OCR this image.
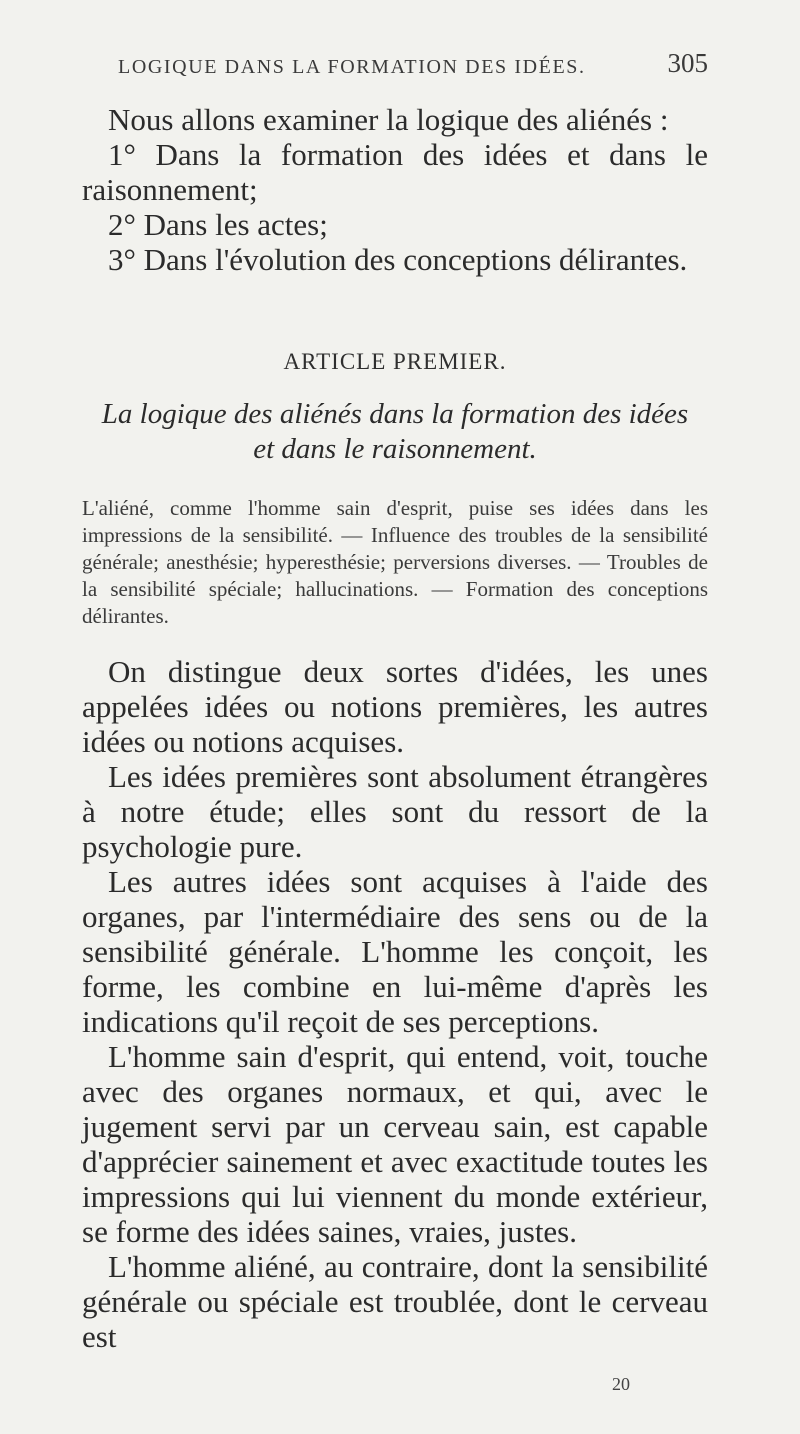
LOGIQUE DANS LA FORMATION DES IDÉES.	305

Nous allons examiner la logique des aliénés :

1° Dans la formation des idées et dans le raisonnement;

2° Dans les actes;

3° Dans l'évolution des conceptions délirantes.

ARTICLE PREMIER.
La logique des aliénés dans la formation des idées et dans le raisonnement.

L'aliéné, comme l'homme sain d'esprit, puise ses idées dans les impressions de la sensibilité. — Influence des troubles de la sensibilité générale; anesthésie; hyperesthésie; perversions diverses. — Troubles de la sensibilité spéciale; hallucinations. — Formation des conceptions délirantes.

On distingue deux sortes d'idées, les unes appelées idées ou notions premières, les autres idées ou notions acquises.

Les idées premières sont absolument étrangères à notre étude; elles sont du ressort de la psychologie pure.

Les autres idées sont acquises à l'aide des organes, par l'intermédiaire des sens ou de la sensibilité générale. L'homme les conçoit, les forme, les combine en lui-même d'après les indications qu'il reçoit de ses perceptions.

L'homme sain d'esprit, qui entend, voit, touche avec des organes normaux, et qui, avec le jugement servi par un cerveau sain, est capable d'apprécier sainement et avec exactitude toutes les impressions qui lui viennent du monde extérieur, se forme des idées saines, vraies, justes.

L'homme aliéné, au contraire, dont la sensibilité générale ou spéciale est troublée, dont le cerveau est

20
